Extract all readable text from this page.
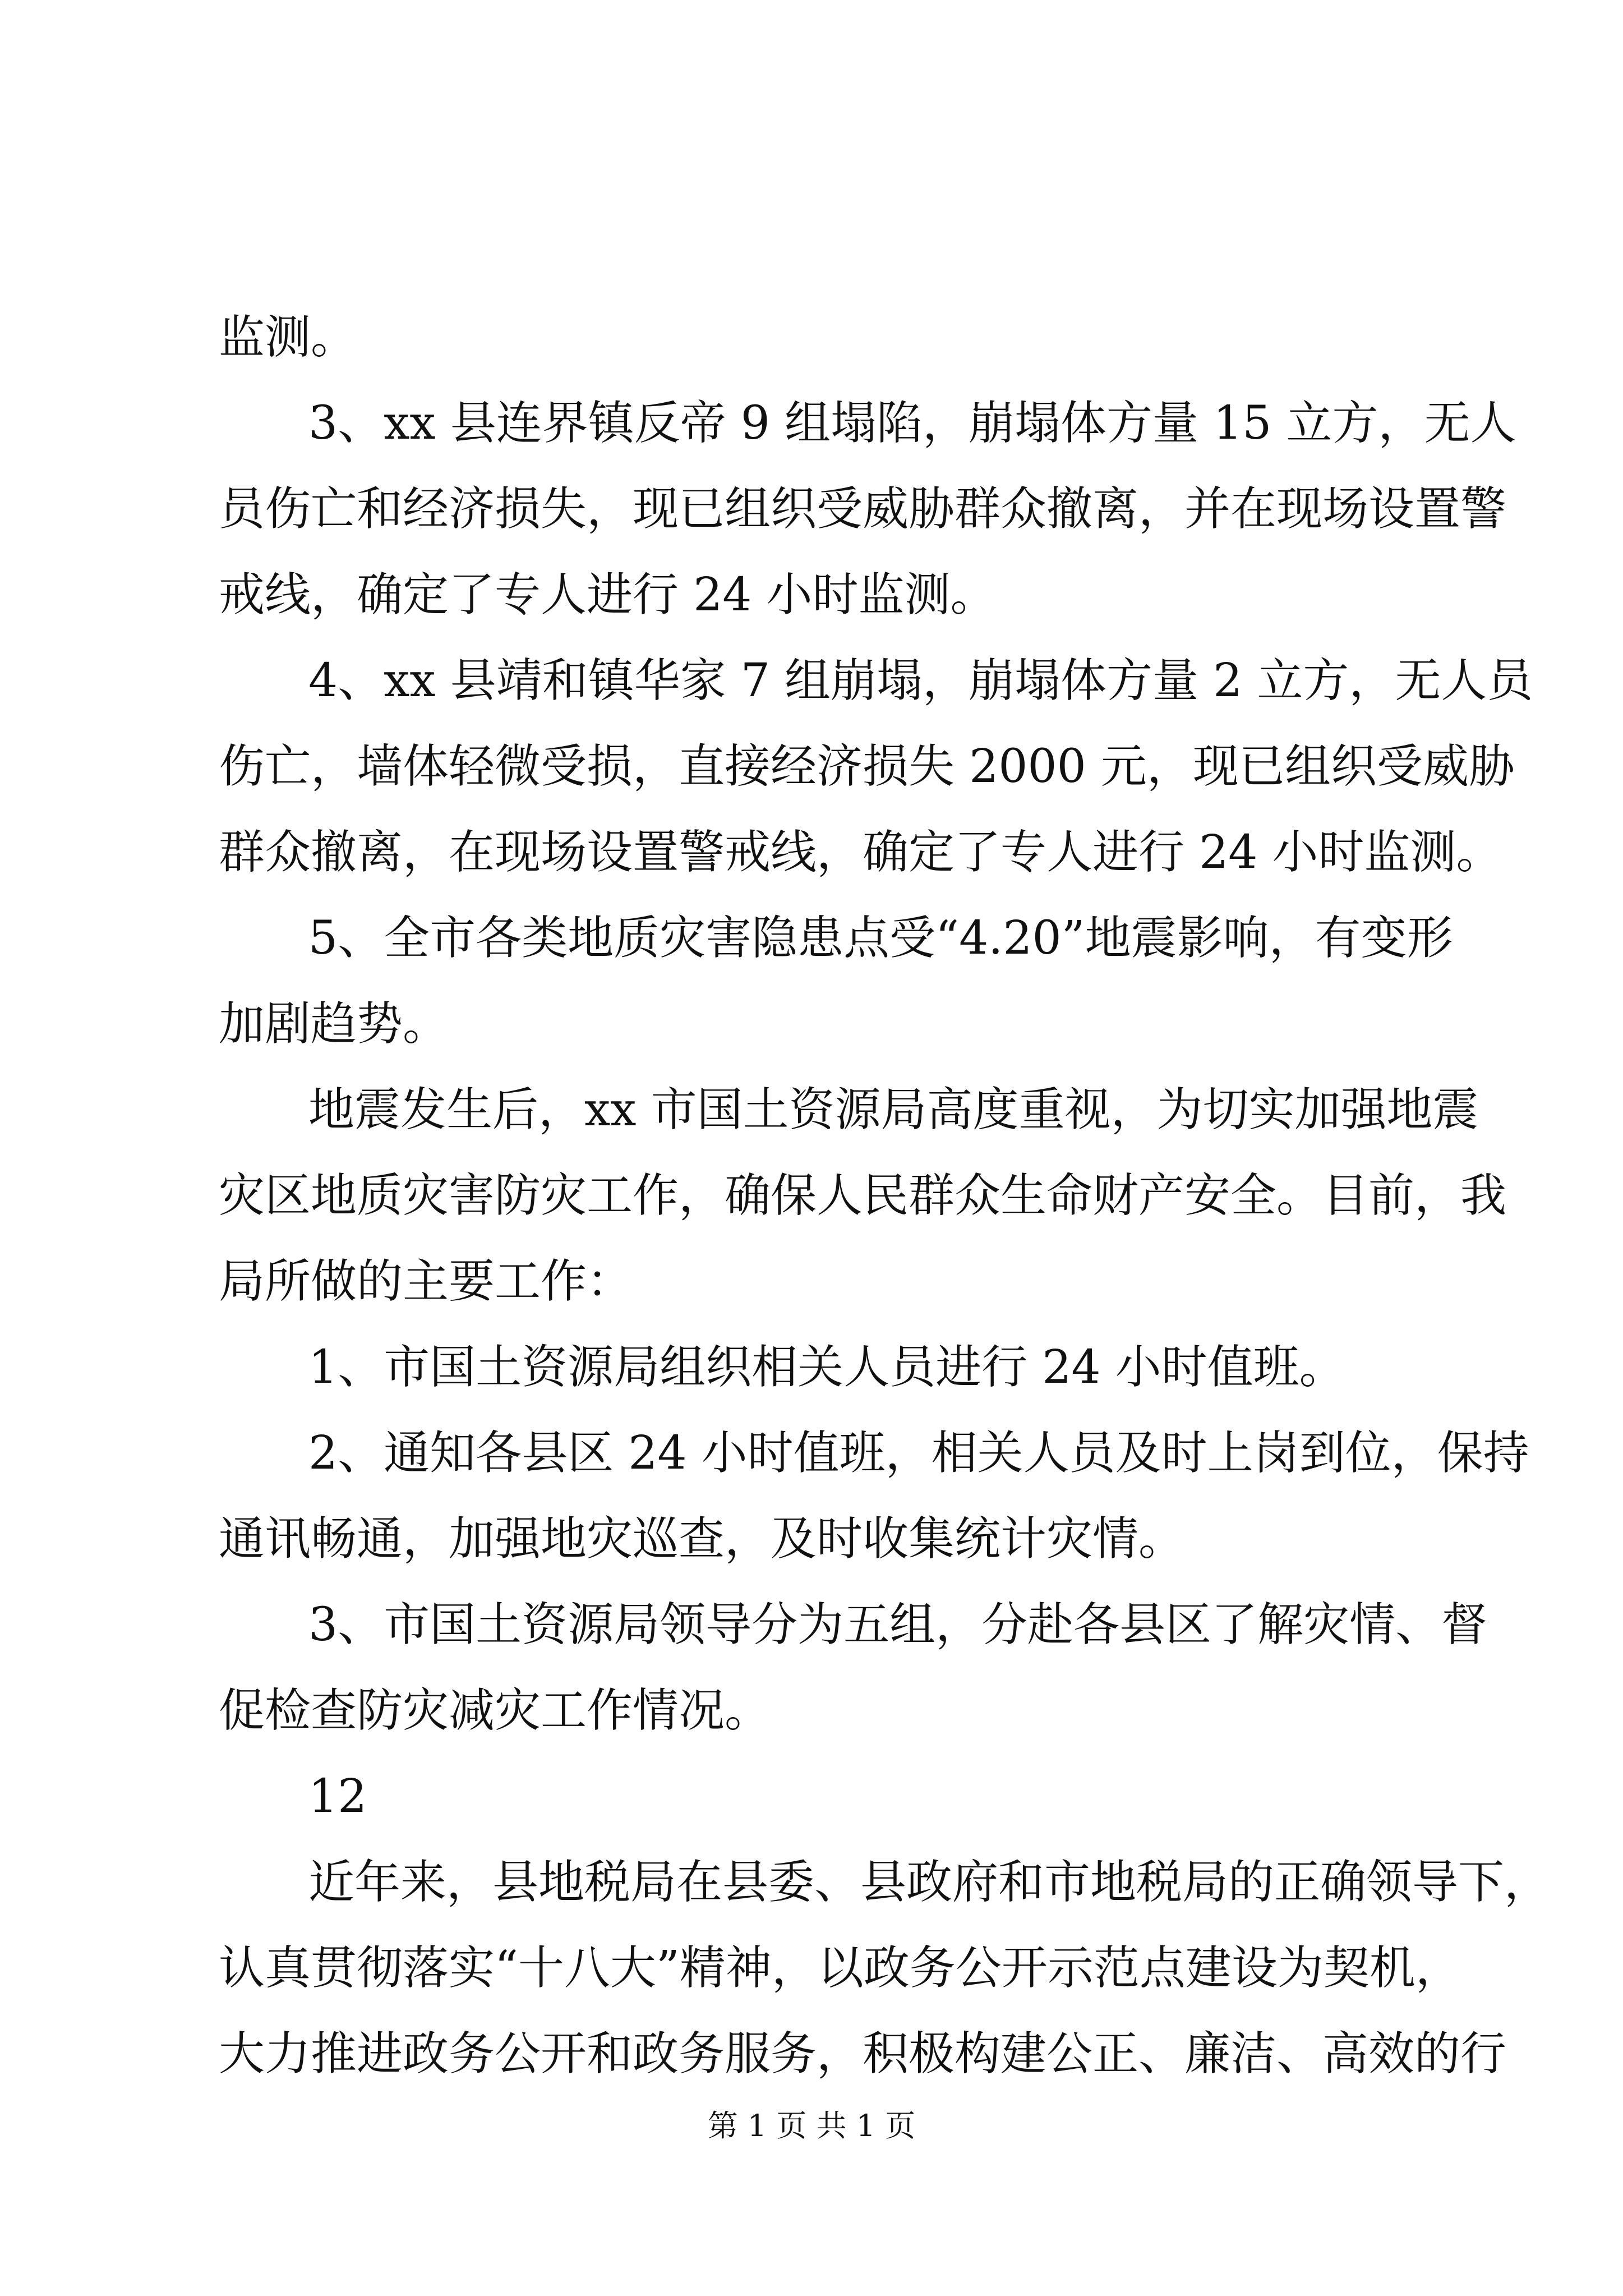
监测。

3、xx 县连界镇反帝 9 组塌陷，崩塌体方量 15 立方，无人

员伤亡和经济损失，现已组织受威胁群众撤离，并在现场设置警

戒线，确定了专人进行 24 小时监测。

4、xx 县靖和镇华家 7 组崩塌，崩塌体方量 2 立方，无人员

伤亡，墙体轻微受损，直接经济损失 2000 元，现已组织受威胁

群众撤离，在现场设置警戒线，确定了专人进行 24 小时监测。

5、全市各类地质灾害隐患点受“4.20”地震影响，有变形

加剧趋势。

地震发生后，xx 市国土资源局高度重视，为切实加强地震

灾区地质灾害防灾工作，确保人民群众生命财产安全。目前，我

局所做的主要工作：

1、市国土资源局组织相关人员进行 24 小时值班。

2、通知各县区 24 小时值班，相关人员及时上岗到位，保持

通讯畅通，加强地灾巡查，及时收集统计灾情。

3、市国土资源局领导分为五组，分赴各县区了解灾情、督

促检查防灾减灾工作情况。

12

近年来，县地税局在县委、县政府和市地税局的正确领导下，

认真贯彻落实“十八大”精神，以政务公开示范点建设为契机，

大力推进政务公开和政务服务，积极构建公正、廉洁、高效的行

第 1 页 共 1 页
